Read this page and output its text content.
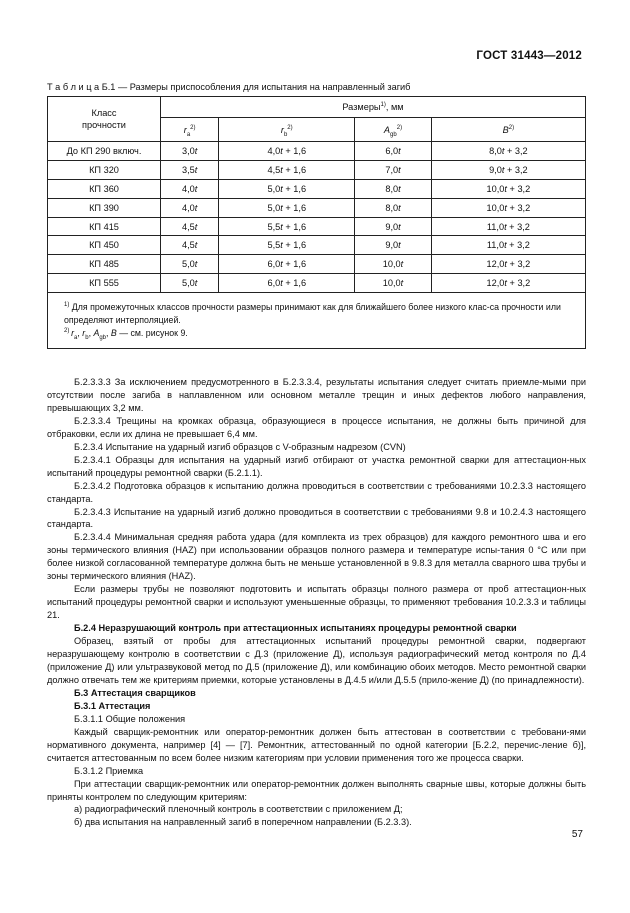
ГОСТ 31443—2012
Т а б л и ц а Б.1 — Размеры приспособления для испытания на направленный загиб
Класс
прочности	Размеры$^{1)}$, мм			
	$r_a^{2)}$	$r_b^{2)}$	$A_{gb}^{2)}$	$B^{2)}$
До КП 290 включ.	3,0t	4,0t + 1,6	6,0t	8,0t + 3,2
КП 320	3,5t	4,5t + 1,6	7,0t	9,0t + 3,2
КП 360	4,0t	5,0t + 1,6	8,0t	10,0t + 3,2
КП 390	4,0t	5,0t + 1,6	8,0t	10,0t + 3,2
КП 415	4,5t	5,5t + 1,6	9,0t	11,0t + 3,2
КП 450	4,5t	5,5t + 1,6	9,0t	11,0t + 3,2
КП 485	5,0t	6,0t + 1,6	10,0t	12,0t + 3,2
КП 555	5,0t	6,0t + 1,6	10,0t	12,0t + 3,2

$^{1)}$ Для промежуточных классов прочности размеры принимают как для ближайшего более низкого клас-са прочности или определяют интерполяцией.
$^{2)}$  $r_a$, $r_b$, $A_{gb}$, B — см. рисунок 9.				

Б.2.3.3.3 За исключением предусмотренного в Б.2.3.3.4, результаты испытания следует считать приемле-мыми при отсутствии после загиба в наплавленном или основном металле трещин и иных дефектов любого направления, превышающих 3,2 мм.

Б.2.3.3.4 Трещины на кромках образца, образующиеся в процессе испытания, не должны быть причиной для отбраковки, если их длина не превышает 6,4 мм.

Б.2.3.4 Испытание на ударный изгиб образцов с V-образным надрезом (CVN)

Б.2.3.4.1 Образцы для испытания на ударный изгиб отбирают от участка ремонтной сварки для аттестацион-ных испытаний процедуры ремонтной сварки (Б.2.1.1).

Б.2.3.4.2 Подготовка образцов к испытанию должна проводиться в соответствии с требованиями 10.2.3.3 настоящего стандарта.

Б.2.3.4.3 Испытание на ударный изгиб должно проводиться в соответствии с требованиями 9.8 и 10.2.4.3 настоящего стандарта.

Б.2.3.4.4 Минимальная средняя работа удара (для комплекта из трех образцов) для каждого ремонтного шва и его зоны термического влияния (HAZ) при использовании образцов полного размера и температуре испы-тания 0 °С или при более низкой согласованной температуре должна быть не меньше установленной в 9.8.3 для металла сварного шва трубы и зоны термического влияния (HAZ).

Если размеры трубы не позволяют подготовить и испытать образцы полного размера от проб аттестацион-ных испытаний процедуры ремонтной сварки и используют уменьшенные образцы, то применяют требования 10.2.3.3 и таблицы 21.

Б.2.4 Неразрушающий контроль при аттестационных испытаниях процедуры ремонтной сварки

Образец, взятый от пробы для аттестационных испытаний процедуры ремонтной сварки, подвергают неразрушающему контролю в соответствии с Д.3 (приложение Д), используя радиографический метод контроля по Д.4 (приложение Д) или ультразвуковой метод по Д.5 (приложение Д), или комбинацию обоих методов. Место ремонтной сварки должно отвечать тем же критериям приемки, которые установлены в Д.4.5 и/или Д.5.5 (прило-жение Д) (по принадлежности).

Б.3 Аттестация сварщиков

Б.3.1 Аттестация

Б.3.1.1 Общие положения

Каждый сварщик-ремонтник или оператор-ремонтник должен быть аттестован в соответствии с требовани-ями нормативного документа, например [4] — [7]. Ремонтник, аттестованный по одной категории [Б.2.2, перечис-ление б)], считается аттестованным по всем более низким категориям при условии применения того же процесса сварки.

Б.3.1.2 Приемка

При аттестации сварщик-ремонтник или оператор-ремонтник должен выполнять сварные швы, которые должны быть приняты контролем по следующим критериям:

а) радиографический пленочный контроль в соответствии с приложением Д;

б) два испытания на направленный загиб в поперечном направлении (Б.2.3.3).

57
